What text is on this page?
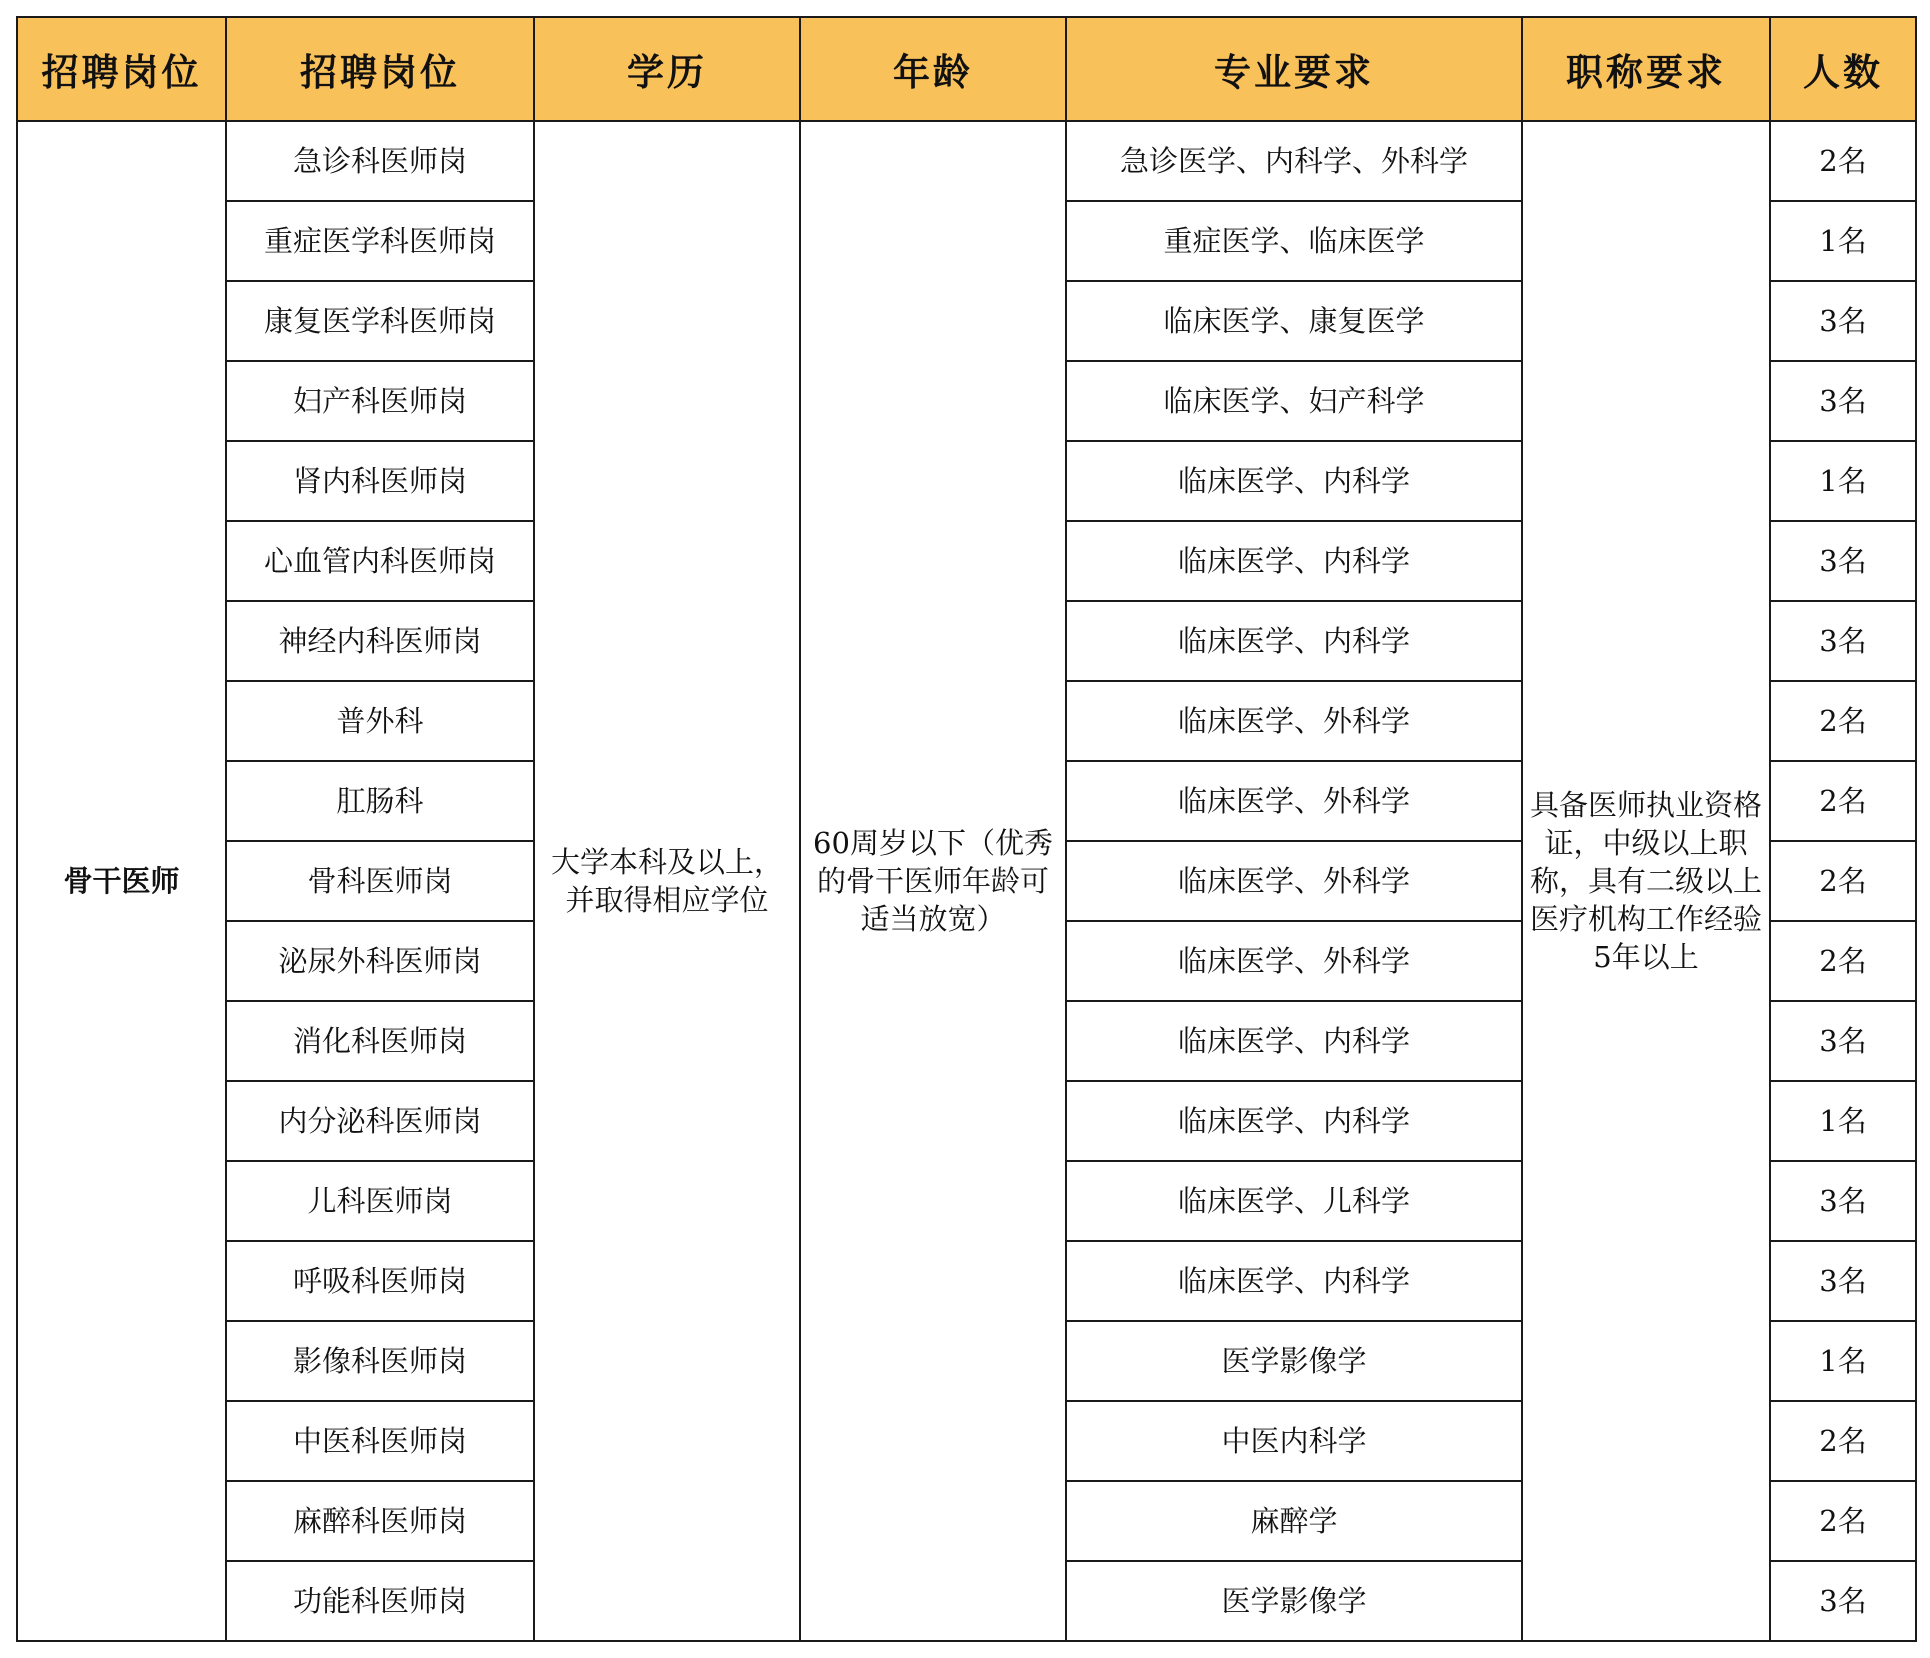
招聘岗位	招聘岗位	学历	年龄	专业要求	职称要求	人数
骨干医师	急诊科医师岗	大学本科及以上，并取得相应学位	60周岁以下（优秀的骨干医师年龄可适当放宽）	急诊医学、内科学、外科学	具备医师执业资格证，中级以上职称，具有二级以上医疗机构工作经验5年以上	2名
	重症医学科医师岗			重症医学、临床医学		1名
	康复医学科医师岗			临床医学、康复医学		3名
	妇产科医师岗			临床医学、妇产科学		3名
	肾内科医师岗			临床医学、内科学		1名
	心血管内科医师岗			临床医学、内科学		3名
	神经内科医师岗			临床医学、内科学		3名
	普外科			临床医学、外科学		2名
	肛肠科			临床医学、外科学		2名
	骨科医师岗			临床医学、外科学		2名
	泌尿外科医师岗			临床医学、外科学		2名
	消化科医师岗			临床医学、内科学		3名
	内分泌科医师岗			临床医学、内科学		1名
	儿科医师岗			临床医学、儿科学		3名
	呼吸科医师岗			临床医学、内科学		3名
	影像科医师岗			医学影像学		1名
	中医科医师岗			中医内科学		2名
	麻醉科医师岗			麻醉学		2名
	功能科医师岗			医学影像学		3名
